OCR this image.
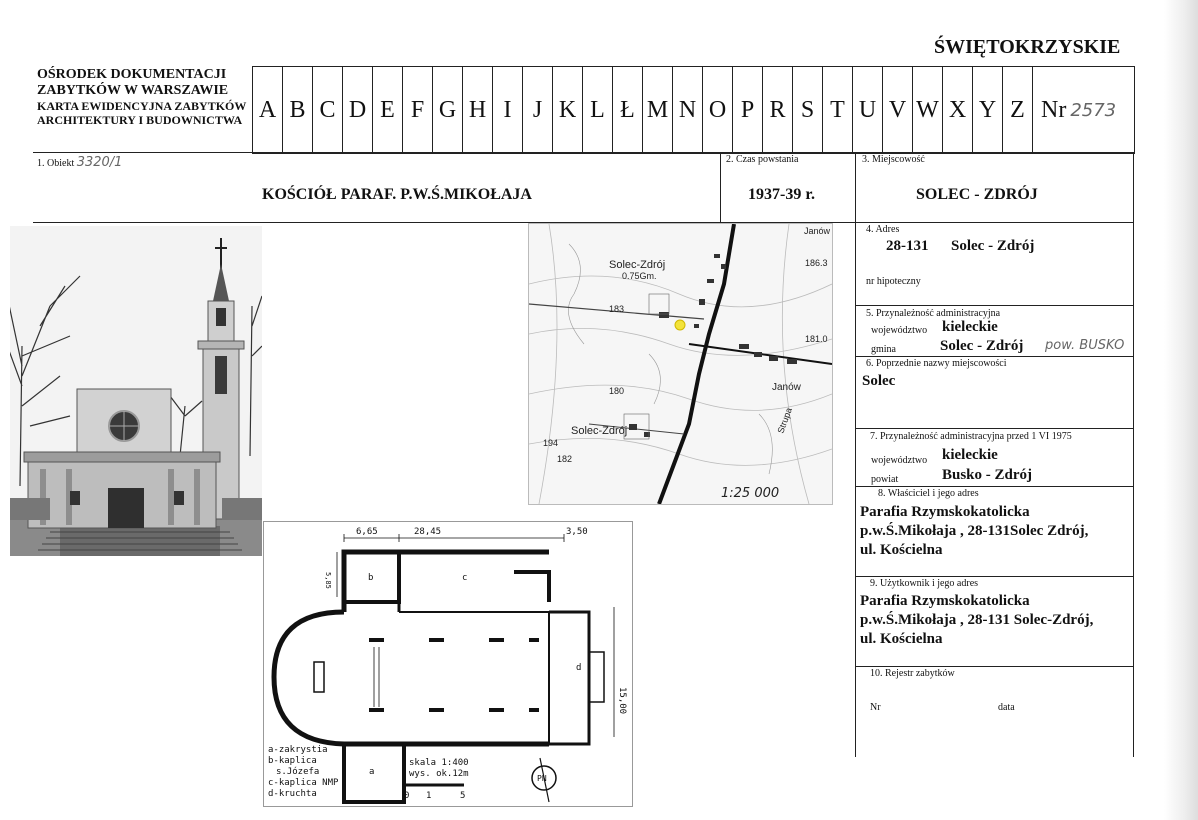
ŚWIĘTOKRZYSKIE
OŚRODEK DOKUMENTACJI
ZABYTKÓW W WARSZAWIE
KARTA EWIDENCYJNA ZABYTKÓW
ARCHITEKTURY I BUDOWNICTWA A B C D E F G H I J K L Ł M N O P R S T U V W X Y Z Nr 2573
1. Obiekt 3320/1
KOŚCIÓŁ PARAF. P.W.Ś.MIKOŁAJA
2. Czas powstania
1937-39 r.
3. Miejscowość
SOLEC - ZDRÓJ
4. Adres
28-131 Solec - Zdrój
nr hipoteczny
5. Przynależność administracyjna
województwo kieleckie
gmina	Solec - Zdrój pow. BUSKO
6. Poprzednie nazwy miejscowości
Solec
7. Przynależność administracyjna przed 1 VI 1975
województwo kieleckie
powiat	Busko - Zdrój
8. Właściciel i jego adres
Parafia Rzymskokatolicka
p.w.Ś.Mikołaja , 28-131Solec Zdrój,
ul. Kościelna
9. Użytkownik i jego adres
Parafia Rzymskokatolicka
p.w.Ś.Mikołaja , 28-131 Solec-Zdrój,
ul. Kościelna
10. Rejestr zabytków
Nr	data
Solec-Zdrój
0.75Gm.
Solec-Zdrój
Janów
Janów
183
180
182
194
186.3
181.0
Strupa
1:25 000
6,65	28,45	3,50
15,00
5,85	b	c
d
a
a-zakrystia
b-kaplica
s.Józefa
c-kaplica NMP
d-kruchta
skala 1:400
wys. ok.12m
0 1	5
PN
